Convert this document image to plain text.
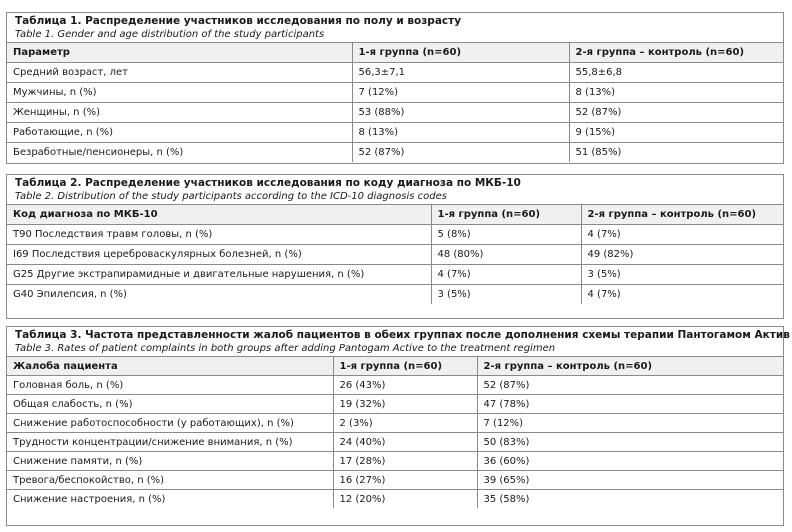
Таблица 1. Распределение участников исследования по полу и возрасту
Table 1. Gender and age distribution of the study participants
Параметр	1-я группа (n=60)	2-я группа – контроль (n=60)
Средний возраст, лет	56,3±7,1	55,8±6,8
Мужчины, n (%)	7 (12%)	8 (13%)
Женщины, n (%)	53 (88%)	52 (87%)
Работающие, n (%)	8 (13%)	9 (15%)
Безработные/пенсионеры, n (%)	52 (87%)	51 (85%)
Таблица 2. Распределение участников исследования по коду диагноза по МКБ-10
Table 2. Distribution of the study participants according to the ICD-10 diagnosis codes
Код диагноза по МКБ-10	1-я группа (n=60)	2-я группа – контроль (n=60)
Т90 Последствия травм головы, n (%)	5 (8%)	4 (7%)
I69 Последствия цереброваскулярных болезней, n (%)	48 (80%)	49 (82%)
G25 Другие экстрапирамидные и двигательные нарушения, n (%)	4 (7%)	3 (5%)
G40 Эпилепсия, n (%)	3 (5%)	4 (7%)
Таблица 3. Частота представленности жалоб пациентов в обеих группах после дополнения схемы терапии Пантогамом Актив
Table 3. Rates of patient complaints in both groups after adding Pantogam Active to the treatment regimen
Жалоба пациента	1-я группа (n=60)	2-я группа – контроль (n=60)
Головная боль, n (%)	26 (43%)	52 (87%)
Общая слабость, n (%)	19 (32%)	47 (78%)
Снижение работоспособности (у работающих), n (%)	2 (3%)	7 (12%)
Трудности концентрации/снижение внимания, n (%)	24 (40%)	50 (83%)
Снижение памяти, n (%)	17 (28%)	36 (60%)
Тревога/беспокойство, n (%)	16 (27%)	39 (65%)
Снижение настроения, n (%)	12 (20%)	35 (58%)
